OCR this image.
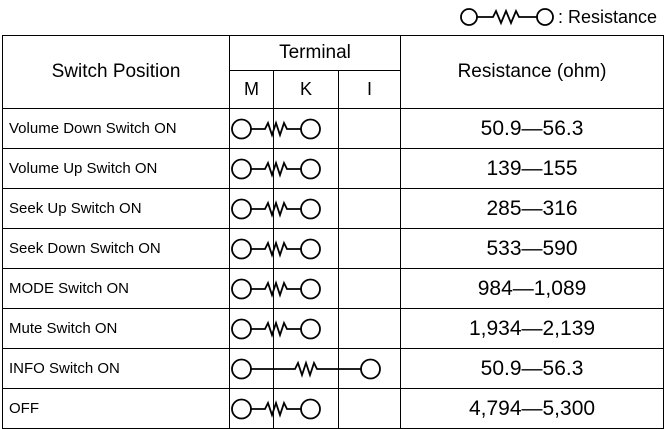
: Resistance
Switch Position	Terminal			Resistance (ohm)
	M	K	I	
Volume Down Switch ON				50.9—56.3
Volume Up Switch ON				139—155
Seek Up Switch ON				285—316
Seek Down Switch ON				533—590
MODE Switch ON				984—1,089
Mute Switch ON				1,934—2,139
INFO Switch ON				50.9—56.3
OFF				4,794—5,300
